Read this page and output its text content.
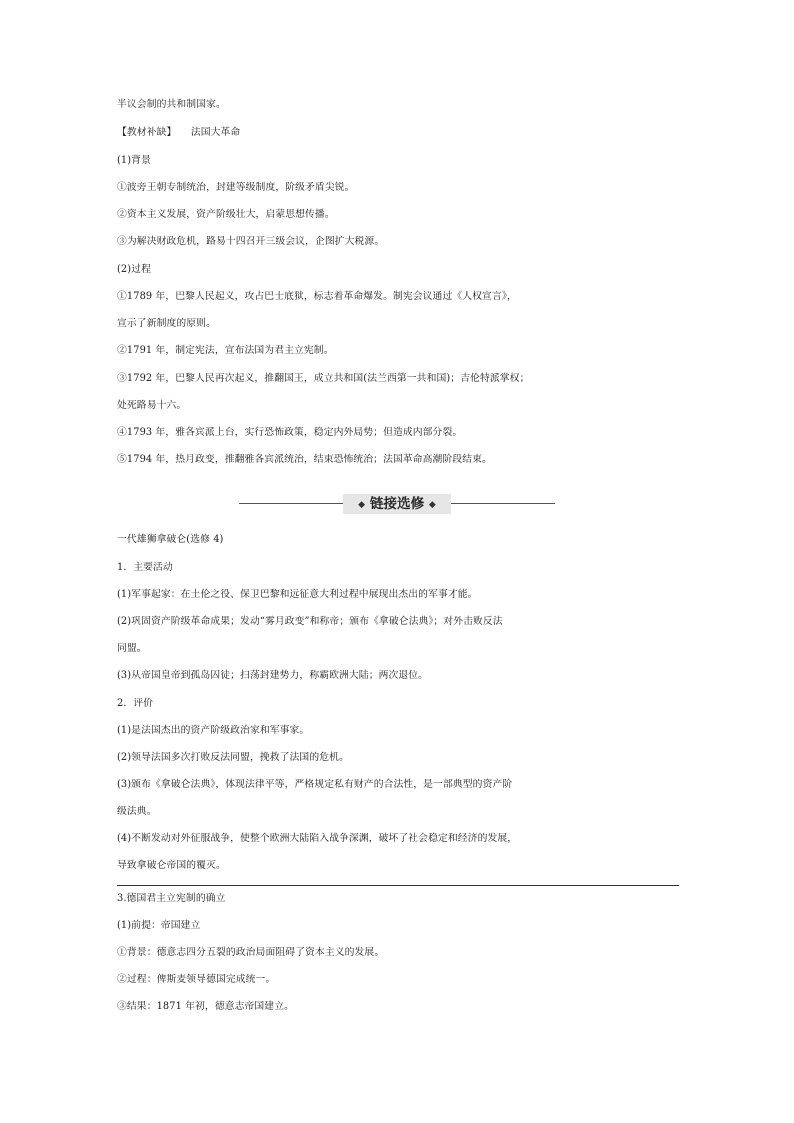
半议会制的共和制国家。
【教材补缺】 法国大革命
(1)背景
①波旁王朝专制统治，封建等级制度，阶级矛盾尖锐。
②资本主义发展，资产阶级壮大，启蒙思想传播。
③为解决财政危机，路易十四召开三级会议，企图扩大税源。
(2)过程
①1789 年，巴黎人民起义，攻占巴士底狱，标志着革命爆发。制宪会议通过《人权宣言》，
宣示了新制度的原则。
②1791 年，制定宪法，宣布法国为君主立宪制。
③1792 年，巴黎人民再次起义，推翻国王，成立共和国(法兰西第一共和国)；吉伦特派掌权；
处死路易十六。
④1793 年，雅各宾派上台，实行恐怖政策，稳定内外局势；但造成内部分裂。
⑤1794 年，热月政变，推翻雅各宾派统治，结束恐怖统治；法国革命高潮阶段结束。
◆ 链接选修 ◆
一代雄狮拿破仑(选修 4)
1．主要活动
(1)军事起家：在土伦之役、保卫巴黎和远征意大利过程中展现出杰出的军事才能。
(2)巩固资产阶级革命成果；发动“雾月政变”和称帝；颁布《拿破仑法典》；对外击败反法
同盟。
(3)从帝国皇帝到孤岛囚徒；扫荡封建势力，称霸欧洲大陆；两次退位。
2．评价
(1)是法国杰出的资产阶级政治家和军事家。
(2)领导法国多次打败反法同盟，挽救了法国的危机。
(3)颁布《拿破仑法典》，体现法律平等，严格规定私有财产的合法性，是一部典型的资产阶
级法典。
(4)不断发动对外征服战争，使整个欧洲大陆陷入战争深渊，破坏了社会稳定和经济的发展，
导致拿破仑帝国的覆灭。
3.德国君主立宪制的确立
(1)前提：帝国建立
①背景：德意志四分五裂的政治局面阻碍了资本主义的发展。
②过程：俾斯麦领导德国完成统一。
③结果：1871 年初，德意志帝国建立。
